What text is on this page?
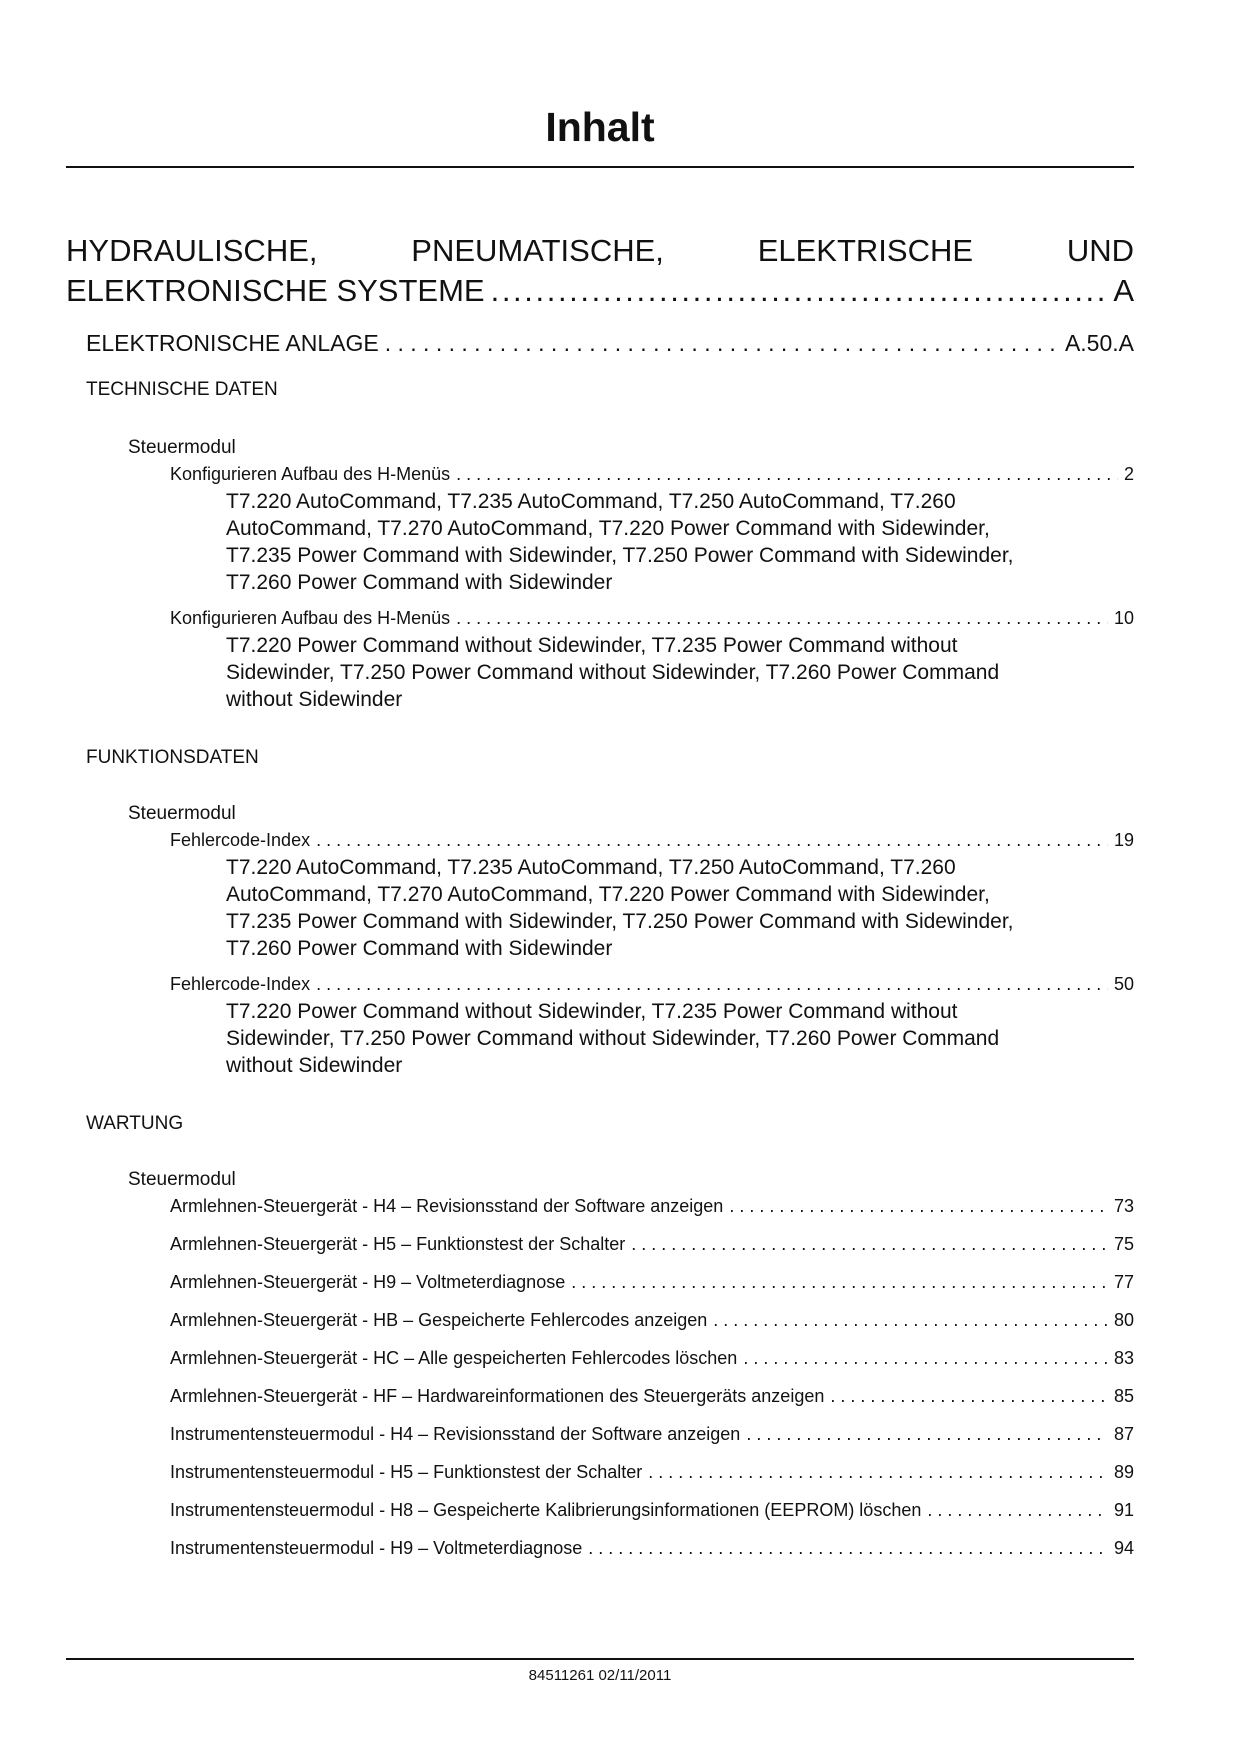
Inhalt
HYDRAULISCHE,	PNEUMATISCHE,	ELEKTRISCHE	UND
ELEKTRONISCHE SYSTEME . . .	A
ELEKTRONISCHE ANLAGE . . .	A.50.A
TECHNISCHE DATEN
Steuermodul
Konfigurieren Aufbau des H-Menüs . . .	2
T7.220 AutoCommand, T7.235 AutoCommand, T7.250 AutoCommand, T7.260
AutoCommand, T7.270 AutoCommand, T7.220 Power Command with Sidewinder,
T7.235 Power Command with Sidewinder, T7.250 Power Command with Sidewinder,
T7.260 Power Command with Sidewinder
Konfigurieren Aufbau des H-Menüs . . .	10
T7.220 Power Command without Sidewinder, T7.235 Power Command without
Sidewinder, T7.250 Power Command without Sidewinder, T7.260 Power Command
without Sidewinder
FUNKTIONSDATEN
Steuermodul
Fehlercode-Index . . .	19
T7.220 AutoCommand, T7.235 AutoCommand, T7.250 AutoCommand, T7.260
AutoCommand, T7.270 AutoCommand, T7.220 Power Command with Sidewinder,
T7.235 Power Command with Sidewinder, T7.250 Power Command with Sidewinder,
T7.260 Power Command with Sidewinder
Fehlercode-Index . . .	50
T7.220 Power Command without Sidewinder, T7.235 Power Command without
Sidewinder, T7.250 Power Command without Sidewinder, T7.260 Power Command
without Sidewinder
WARTUNG
Steuermodul
Armlehnen-Steuergerät - H4 – Revisionsstand der Software anzeigen . . .	73
Armlehnen-Steuergerät - H5 – Funktionstest der Schalter . . .	75
Armlehnen-Steuergerät - H9 – Voltmeterdiagnose . . .	77
Armlehnen-Steuergerät - HB – Gespeicherte Fehlercodes anzeigen . . .	80
Armlehnen-Steuergerät - HC – Alle gespeicherten Fehlercodes löschen . . .	83
Armlehnen-Steuergerät - HF – Hardwareinformationen des Steuergeräts anzeigen . . .	85
Instrumentensteuermodul - H4 – Revisionsstand der Software anzeigen . . .	87
Instrumentensteuermodul - H5 – Funktionstest der Schalter . . .	89
Instrumentensteuermodul - H8 – Gespeicherte Kalibrierungsinformationen (EEPROM) löschen . . .	91
Instrumentensteuermodul - H9 – Voltmeterdiagnose . . .	94
84511261 02/11/2011
